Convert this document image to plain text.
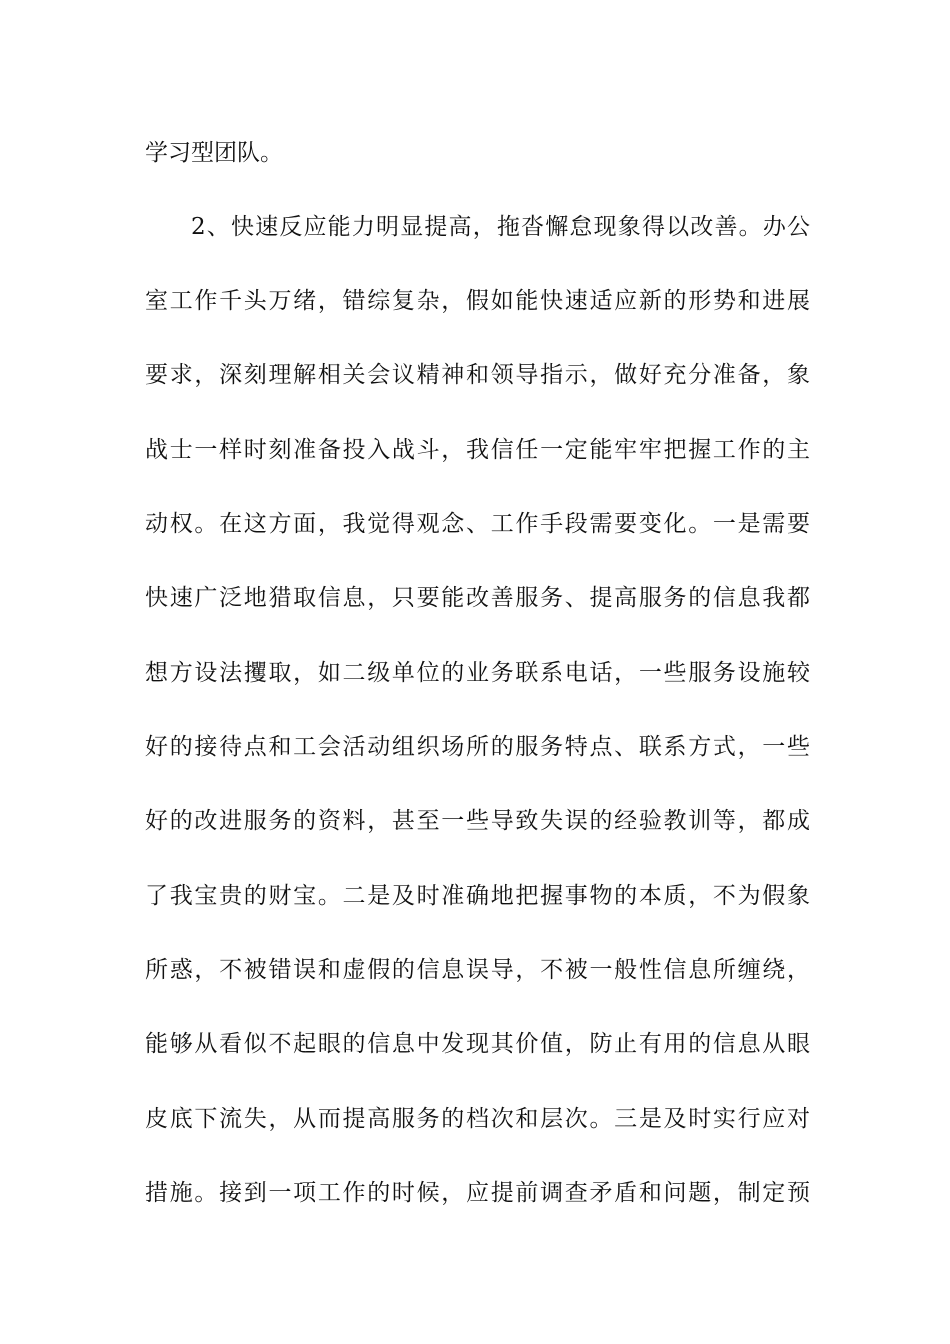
学习型团队。
2、快速反应能力明显提高，拖沓懈怠现象得以改善。办公
室工作千头万绪，错综复杂，假如能快速适应新的形势和进展
要求，深刻理解相关会议精神和领导指示，做好充分准备，象
战士一样时刻准备投入战斗，我信任一定能牢牢把握工作的主
动权。在这方面，我觉得观念、工作手段需要变化。一是需要
快速广泛地猎取信息，只要能改善服务、提高服务的信息我都
想方设法攫取，如二级单位的业务联系电话，一些服务设施较
好的接待点和工会活动组织场所的服务特点、联系方式，一些
好的改进服务的资料，甚至一些导致失误的经验教训等，都成
了我宝贵的财宝。二是及时准确地把握事物的本质，不为假象
所惑，不被错误和虚假的信息误导，不被一般性信息所缠绕，
能够从看似不起眼的信息中发现其价值，防止有用的信息从眼
皮底下流失，从而提高服务的档次和层次。三是及时实行应对
措施。接到一项工作的时候，应提前调查矛盾和问题，制定预
